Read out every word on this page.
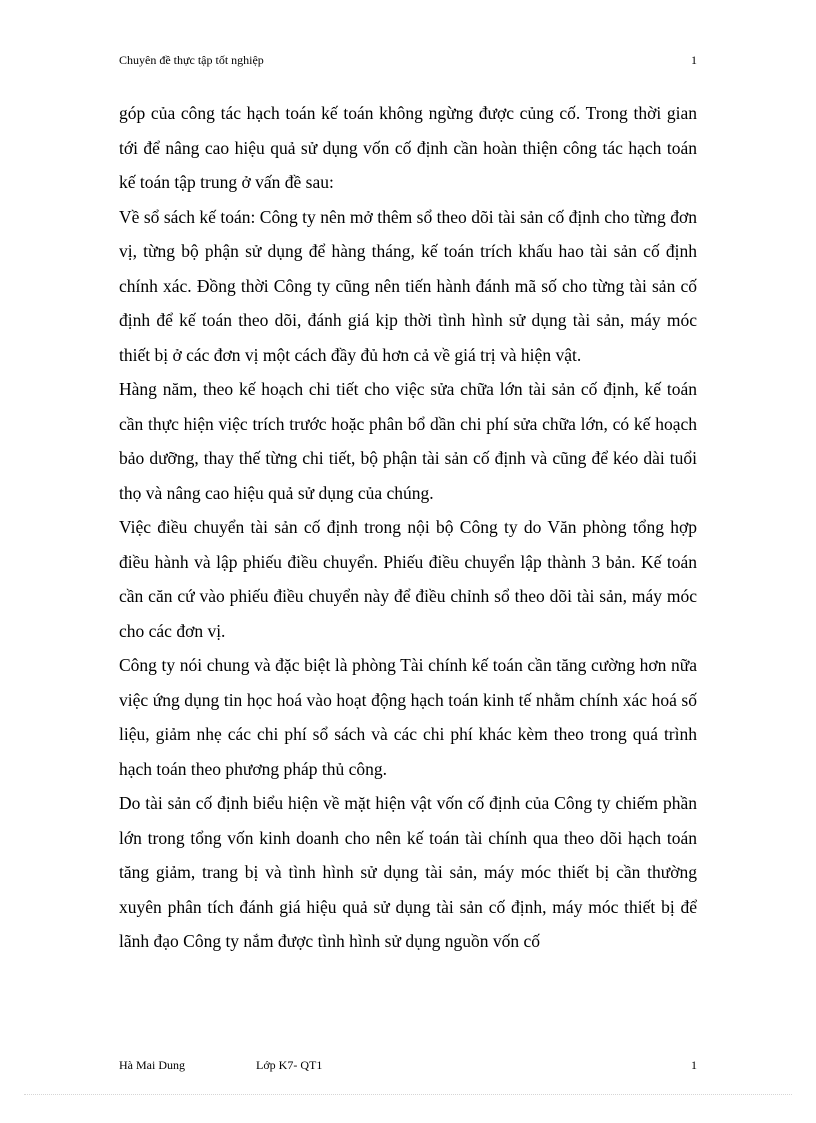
Chuyên đề thực tập tốt nghiệp	1

góp của công tác hạch toán kế toán không ngừng được củng cố. Trong thời gian tới để nâng cao hiệu quả sử dụng vốn cố định cần hoàn thiện công tác hạch toán kế toán tập trung ở vấn đề sau:

Về sổ sách kế toán: Công ty nên mở thêm sổ theo dõi tài sản cố định cho từng đơn vị, từng bộ phận sử dụng để hàng tháng, kế toán trích khấu hao tài sản cố định chính xác. Đồng thời Công ty cũng nên tiến hành đánh mã số cho từng tài sản cố định để kế toán theo dõi, đánh giá kịp thời tình hình sử dụng tài sản, máy móc thiết bị ở các đơn vị một cách đầy đủ hơn cả về giá trị và hiện vật.

Hàng năm, theo kế hoạch chi tiết cho việc sửa chữa lớn tài sản cố định, kế toán cần thực hiện việc trích trước hoặc phân bổ dần chi phí sửa chữa lớn, có kế hoạch bảo dưỡng, thay thế từng chi tiết, bộ phận tài sản cố định và cũng để kéo dài tuổi thọ và nâng cao hiệu quả sử dụng của chúng.

Việc điều chuyển tài sản cố định trong nội bộ Công ty do Văn phòng tổng hợp điều hành và lập phiếu điều chuyển. Phiếu điều chuyển lập thành 3 bản. Kế toán cần căn cứ vào phiếu điều chuyển này để điều chỉnh sổ theo dõi tài sản, máy móc cho các đơn vị.

Công ty nói chung và đặc biệt là phòng Tài chính kế toán cần tăng cường hơn nữa việc ứng dụng tin học hoá vào hoạt động hạch toán kinh tế nhằm chính xác hoá số liệu, giảm nhẹ các chi phí sổ sách và các chi phí khác kèm theo trong quá trình hạch toán theo phương pháp thủ công.

Do tài sản cố định biểu hiện về mặt hiện vật vốn cố định của Công ty chiếm phần lớn trong tổng vốn kinh doanh cho nên kế toán tài chính qua theo dõi hạch toán tăng giảm, trang bị và tình hình sử dụng tài sản, máy móc thiết bị cần thường xuyên phân tích đánh giá hiệu quả sử dụng tài sản cố định, máy móc thiết bị để lãnh đạo Công ty nắm được tình hình sử dụng nguồn vốn cố

Hà Mai Dung	Lớp K7- QT1	1
